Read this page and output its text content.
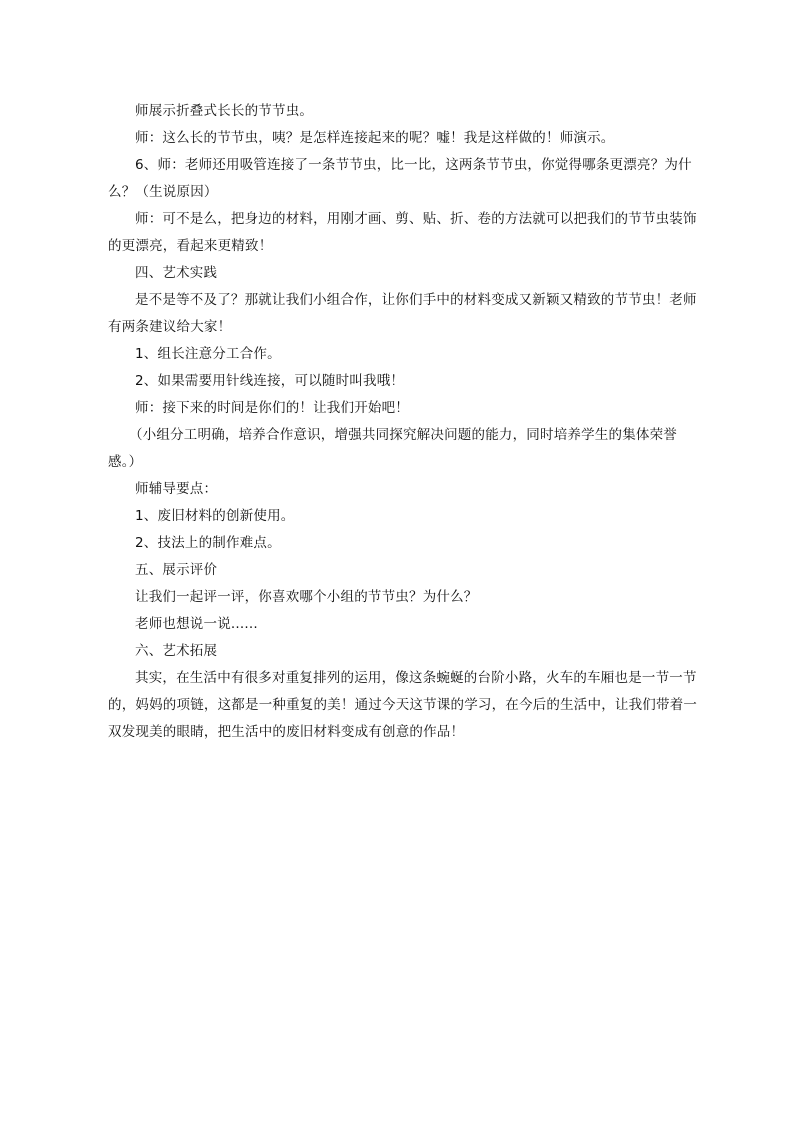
师展示折叠式长长的节节虫。

师：这么长的节节虫，咦？是怎样连接起来的呢？嘘！我是这样做的！师演示。

6、师：老师还用吸管连接了一条节节虫，比一比，这两条节节虫，你觉得哪条更漂亮？为什么？（生说原因）

师：可不是么，把身边的材料，用刚才画、剪、贴、折、卷的方法就可以把我们的节节虫装饰的更漂亮，看起来更精致！

四、艺术实践

是不是等不及了？那就让我们小组合作，让你们手中的材料变成又新颖又精致的节节虫！老师有两条建议给大家！

1、组长注意分工合作。

2、如果需要用针线连接，可以随时叫我哦！

师：接下来的时间是你们的！让我们开始吧！

（小组分工明确，培养合作意识，增强共同探究解决问题的能力，同时培养学生的集体荣誉感。）

师辅导要点：

1、废旧材料的创新使用。

2、技法上的制作难点。

五、展示评价

让我们一起评一评，你喜欢哪个小组的节节虫？为什么？

老师也想说一说......

六、艺术拓展

其实，在生活中有很多对重复排列的运用，像这条蜿蜒的台阶小路，火车的车厢也是一节一节的，妈妈的项链，这都是一种重复的美！通过今天这节课的学习，在今后的生活中，让我们带着一双发现美的眼睛，把生活中的废旧材料变成有创意的作品！
